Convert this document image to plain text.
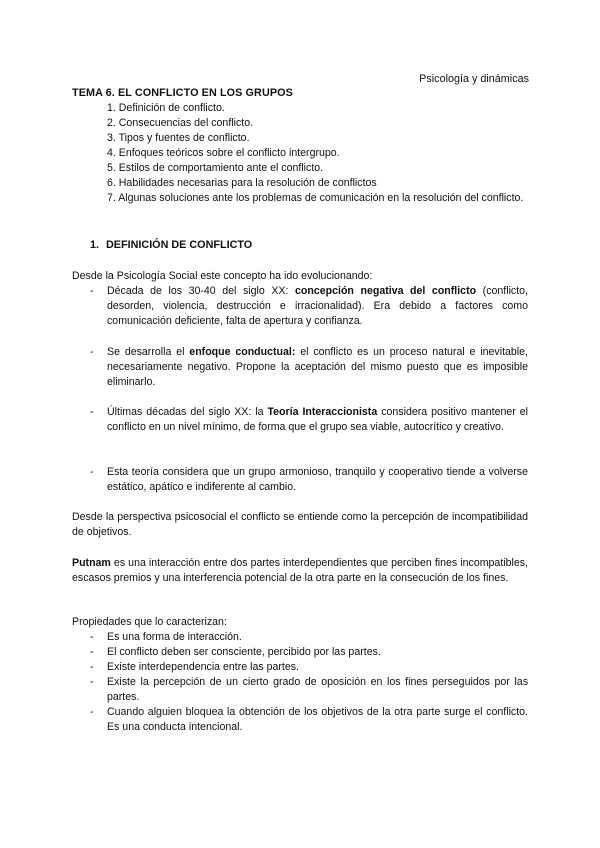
Psicología y dinámicas
TEMA 6. EL CONFLICTO EN LOS GRUPOS
1. Definición de conflicto.
2. Consecuencias del conflicto.
3. Tipos y fuentes de conflicto.
4. Enfoques teóricos sobre el conflicto intergrupo.
5. Estilos de comportamiento ante el conflicto.
6. Habilidades necesarias para la resolución de conflictos
7. Algunas soluciones ante los problemas de comunicación en la resolución del conflicto.
1. DEFINICIÓN DE CONFLICTO
Desde la Psicología Social este concepto ha ido evolucionando:
- Década de los 30-40 del siglo XX: concepción negativa del conflicto (conflicto, desorden, violencia, destrucción e irracionalidad). Era debido a factores como comunicación deficiente, falta de apertura y confianza.
- Se desarrolla el enfoque conductual: el conflicto es un proceso natural e inevitable, necesariamente negativo. Propone la aceptación del mismo puesto que es imposible eliminarlo.
- Últimas décadas del siglo XX: la Teoría Interaccionista considera positivo mantener el conflicto en un nivel mínimo, de forma que el grupo sea viable, autocrítico y creativo.
- Esta teoría considera que un grupo armonioso, tranquilo y cooperativo tiende a volverse estático, apático e indiferente al cambio.
Desde la perspectiva psicosocial el conflicto se entiende como la percepción de incompatibilidad de objetivos.
Putnam es una interacción entre dos partes interdependientes que perciben fines incompatibles, escasos premios y una interferencia potencial de la otra parte en la consecución de los fines.
Propiedades que lo caracterizan:
- Es una forma de interacción.
- El conflicto deben ser consciente, percibido por las partes.
- Existe interdependencia entre las partes.
- Existe la percepción de un cierto grado de oposición en los fines perseguidos por las partes.
- Cuando alguien bloquea la obtención de los objetivos de la otra parte surge el conflicto. Es una conducta intencional.
